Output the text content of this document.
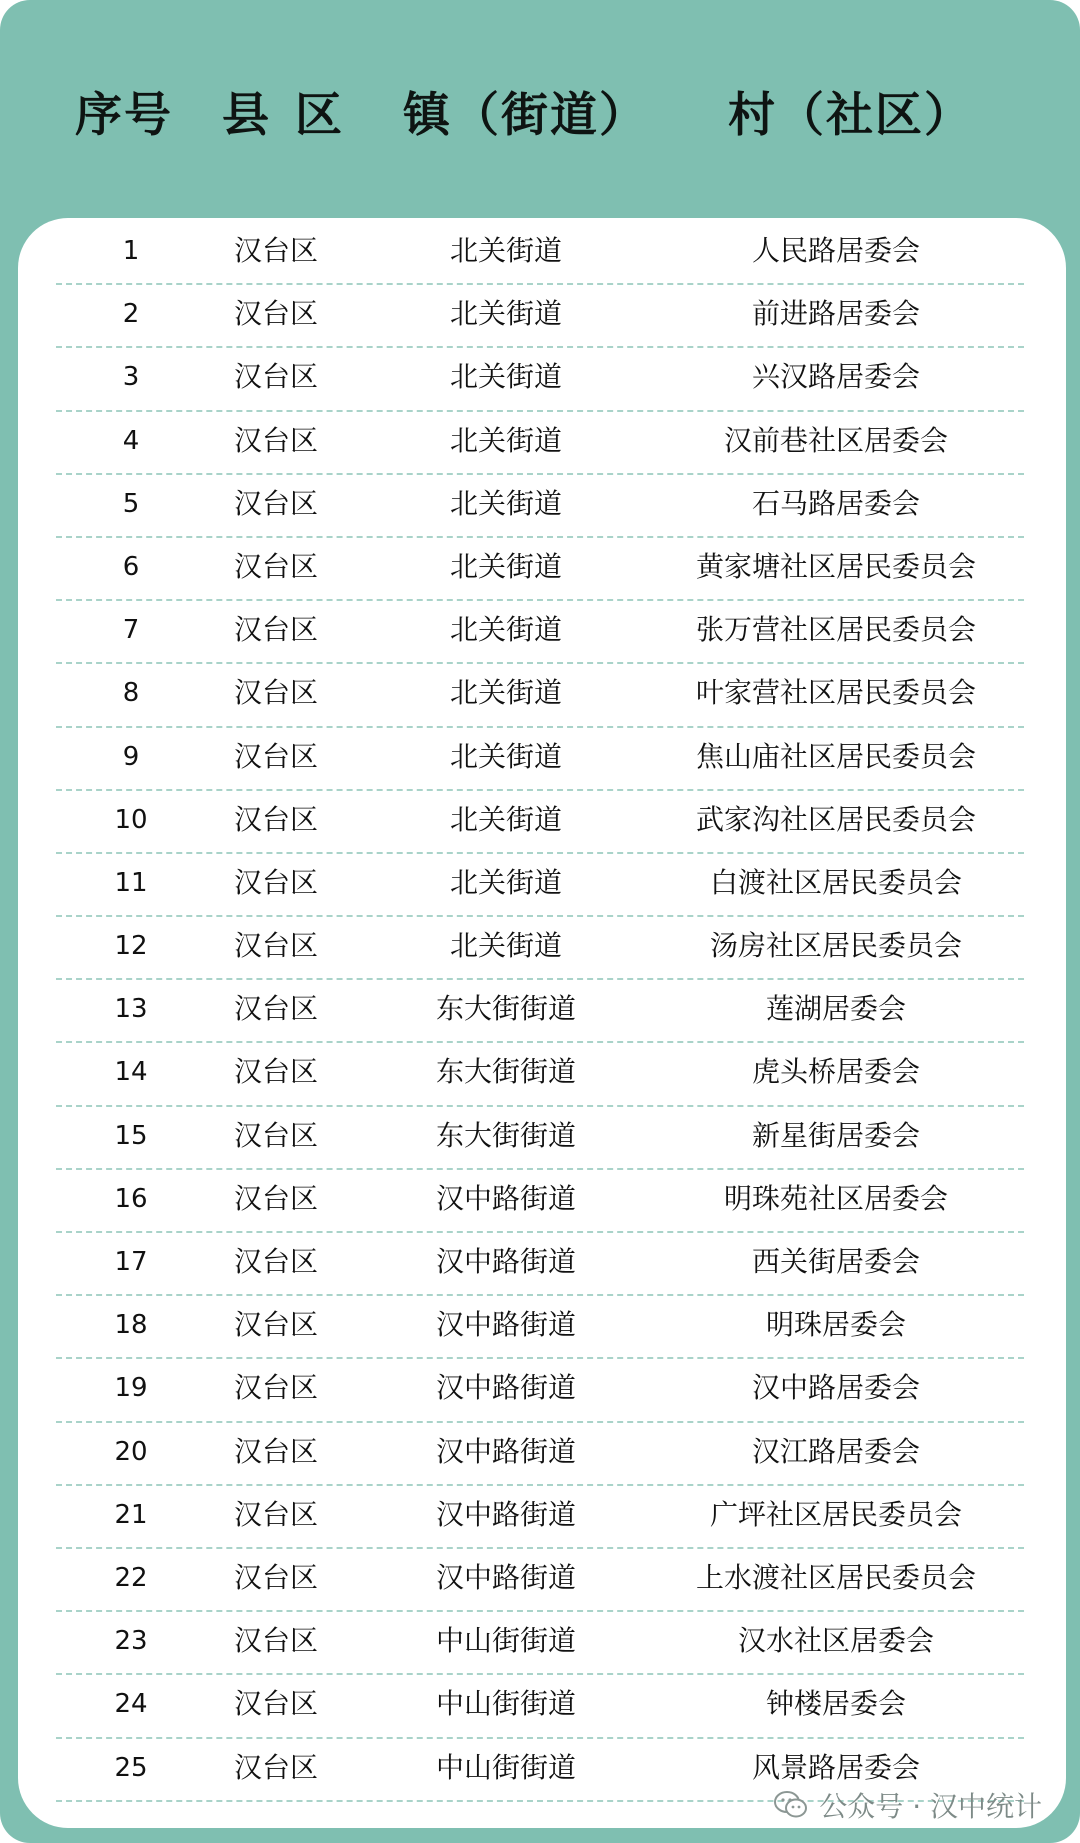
序号 县区 镇（街道） 村（社区）
1	汉台区	北关街道	人民路居委会
2	汉台区	北关街道	前进路居委会
3	汉台区	北关街道	兴汉路居委会
4	汉台区	北关街道	汉前巷社区居委会
5	汉台区	北关街道	石马路居委会
6	汉台区	北关街道	黄家塘社区居民委员会
7	汉台区	北关街道	张万营社区居民委员会
8	汉台区	北关街道	叶家营社区居民委员会
9	汉台区	北关街道	焦山庙社区居民委员会
10	汉台区	北关街道	武家沟社区居民委员会
11	汉台区	北关街道	白渡社区居民委员会
12	汉台区	北关街道	汤房社区居民委员会
13	汉台区	东大街街道	莲湖居委会
14	汉台区	东大街街道	虎头桥居委会
15	汉台区	东大街街道	新星街居委会
16	汉台区	汉中路街道	明珠苑社区居委会
17	汉台区	汉中路街道	西关街居委会
18	汉台区	汉中路街道	明珠居委会
19	汉台区	汉中路街道	汉中路居委会
20	汉台区	汉中路街道	汉江路居委会
21	汉台区	汉中路街道	广坪社区居民委员会
22	汉台区	汉中路街道	上水渡社区居民委员会
23	汉台区	中山街街道	汉水社区居委会
24	汉台区	中山街街道	钟楼居委会
25	汉台区	中山街街道	风景路居委会
公众号 · 汉中统计
